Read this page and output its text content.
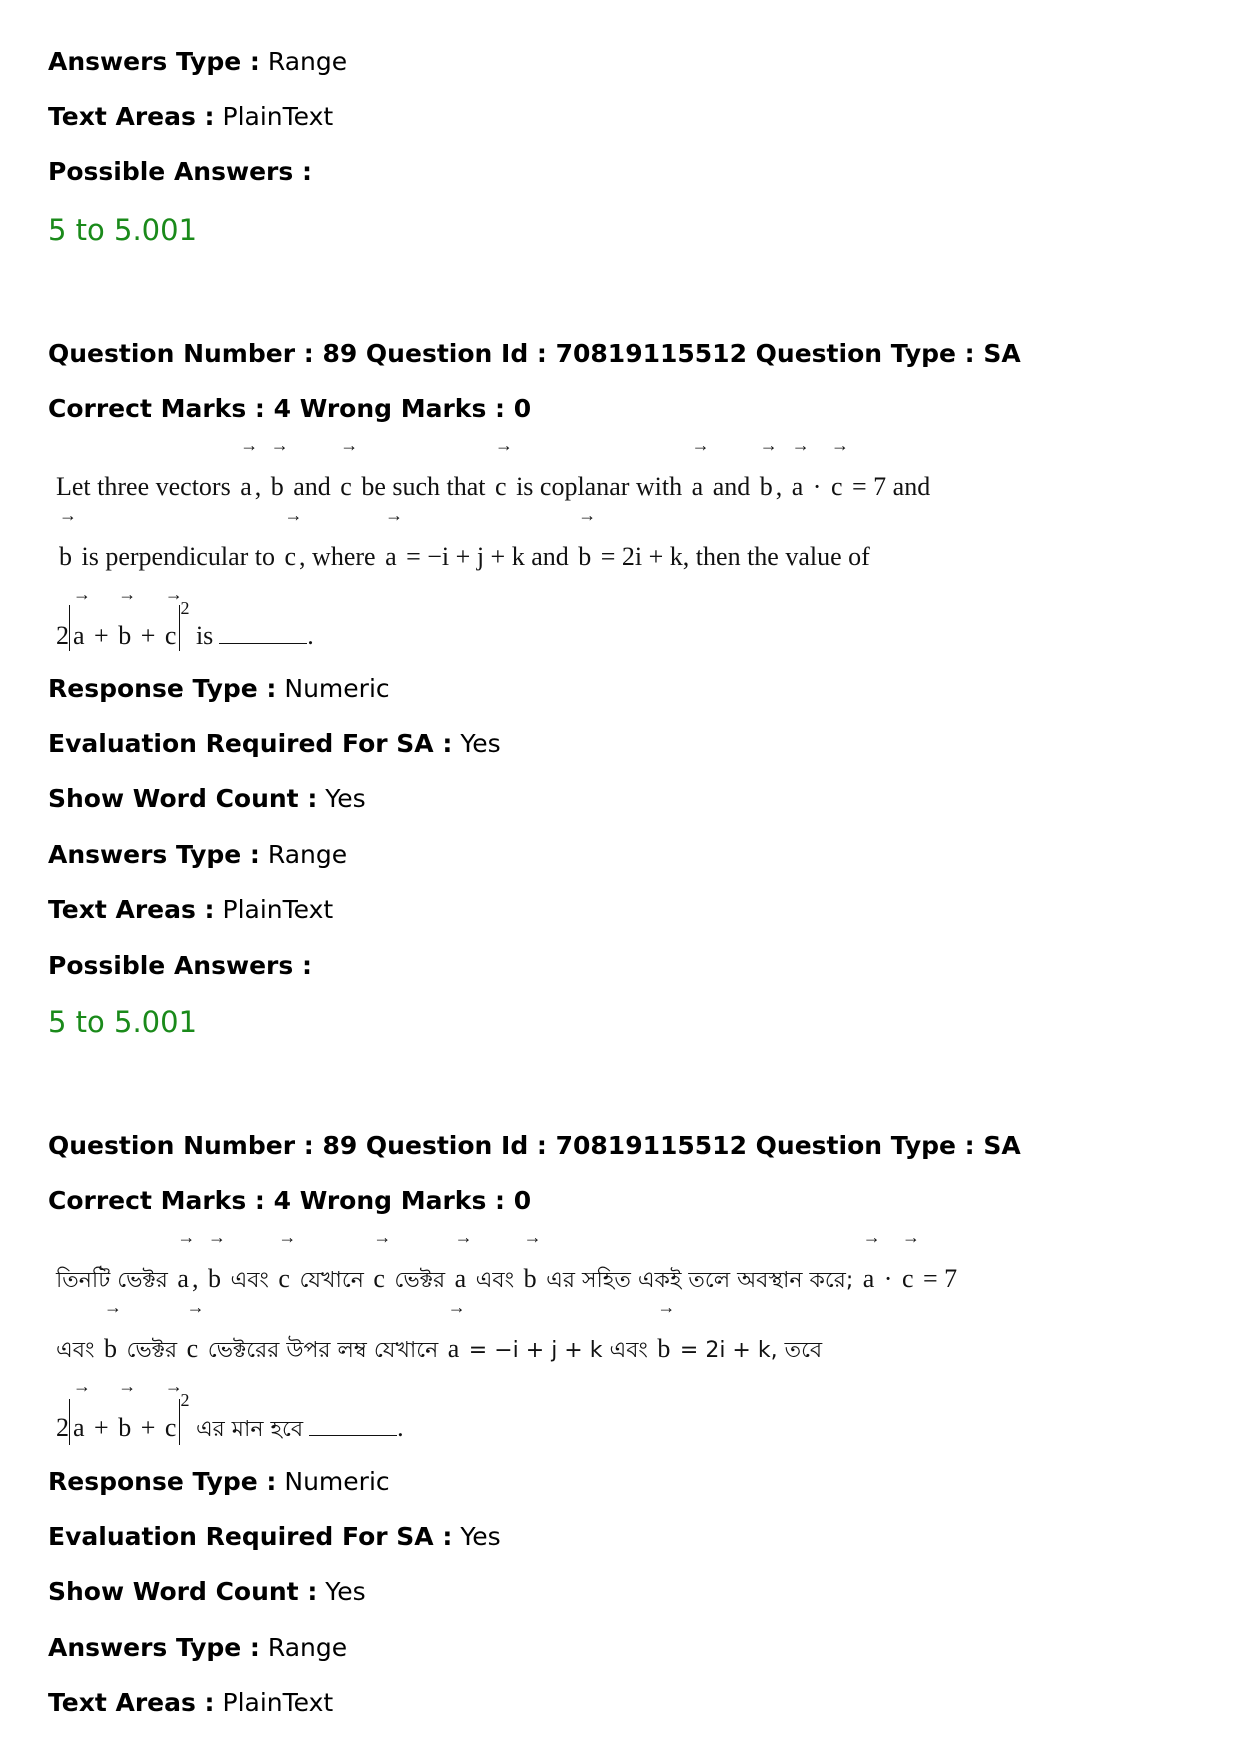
Answers Type : Range
Text Areas : PlainText
Possible Answers :
5 to 5.001
Question Number : 89 Question Id : 70819115512 Question Type : SA
Correct Marks : 4 Wrong Marks : 0
Let three vectors
→
a ,
→
b and
→
c be such that
→
c is coplanar with
→
a and
→
b ,
→
a ·
→
c = 7 and
→
b is perpendicular to
→
c , where
→
a = −i + j + k and
→
b = 2i + k, then the value of
2
→
a +
→
b +
→
$c^2$ is	.
Response Type : Numeric
Evaluation Required For SA : Yes
Show Word Count : Yes
Answers Type : Range
Text Areas : PlainText
Possible Answers :
5 to 5.001
Question Number : 89 Question Id : 70819115512 Question Type : SA
Correct Marks : 4 Wrong Marks : 0
তিনটি ভেক্টর
→
a ,
→
b এবং
→
c যেখানে
→
c ভেক্টর
→
a এবং
→
b এর সহিত একই তলে অবস্থান করে;
→
a ·
→
c = 7
এবং
→
b ভেক্টর
→
c ভেক্টরের উপর লম্ব যেখানে
→
a = −i + j + k এবং
→
b = 2i + k, তবে
2
→
a +
→
b +
→
$c^2$ এর মান হবে	.
Response Type : Numeric
Evaluation Required For SA : Yes
Show Word Count : Yes
Answers Type : Range
Text Areas : PlainText
